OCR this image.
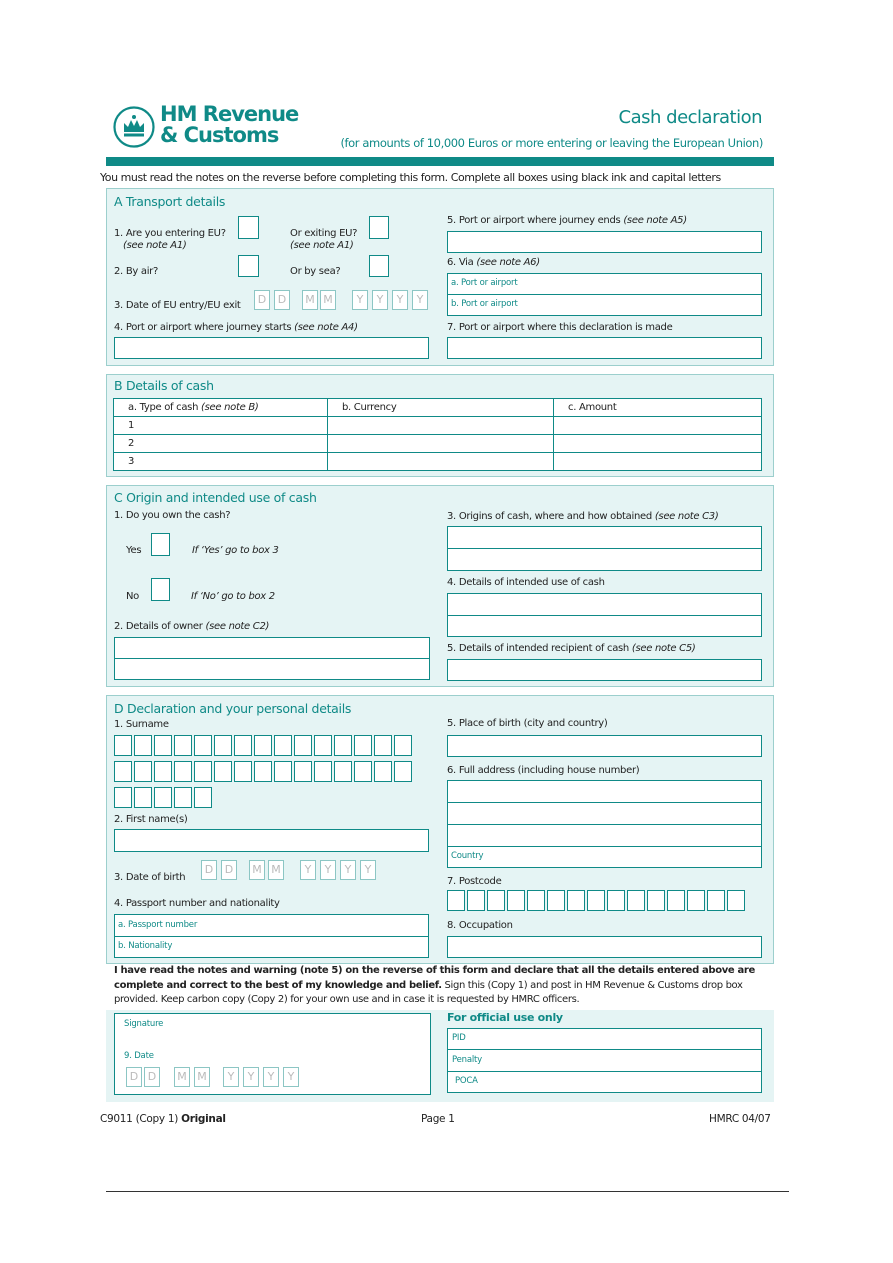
HM Revenue
& Customs
Cash declaration
(for amounts of 10,000 Euros or more entering or leaving the European Union)
You must read the notes on the reverse before completing this form. Complete all boxes using black ink and capital letters
A Transport details
1. Are you entering EU?
(see note A1)
Or exiting EU?
(see note A1)
2. By air?	Or by sea?
3. Date of EU entry/EU exit	D	D	M M	Y	Y	Y	Y
4. Port or airport where journey starts (see note A4)
5. Port or airport where journey ends (see note A5)
6. Via (see note A6)
a. Port or airport
b. Port or airport
7. Port or airport where this declaration is made
B Details of cash
a. Type of cash (see note B)	b. Currency	c. Amount
1		
2		
3		
C Origin and intended use of cash
1. Do you own the cash?
Yes	If ‘Yes’ go to box 3
No	If ‘No’ go to box 2
2. Details of owner (see note C2)
3. Origins of cash, where and how obtained (see note C3)
4. Details of intended use of cash
5. Details of intended recipient of cash (see note C5)
D Declaration and your personal details
1. Surname
2. First name(s)
3. Date of birth
D	D	M M	Y	Y	Y	Y
4. Passport number and nationality
a. Passport number
b. Nationality
5. Place of birth (city and country)
6. Full address (including house number)
Country
7. Postcode
8. Occupation
I have read the notes and warning (note 5) on the reverse of this form and declare that all the details entered above are
complete and correct to the best of my knowledge and belief. Sign this (Copy 1) and post in HM Revenue & Customs drop box
provided. Keep carbon copy (Copy 2) for your own use and in case it is requested by HMRC officers.
Signature
9. Date
D D	M M	Y	Y	Y	Y
For official use only
PID
Penalty
POCA
C9011 (Copy 1) Original	Page 1	HMRC 04/07
